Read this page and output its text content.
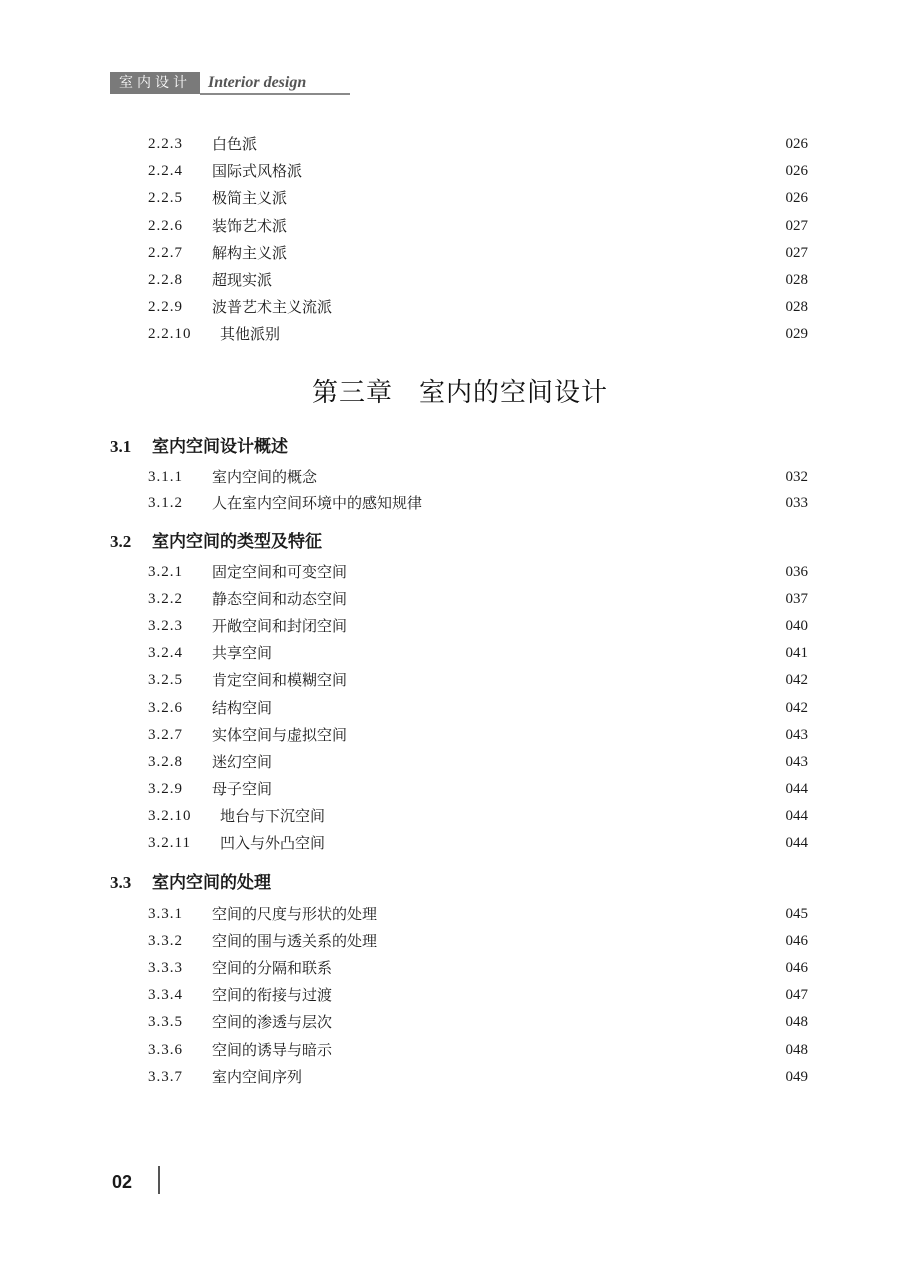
室内设计	Interior design
2.2.3	白色派	026
2.2.4	国际式风格派	026
2.2.5	极简主义派	026
2.2.6	装饰艺术派	027
2.2.7	解构主义派	027
2.2.8	超现实派	028
2.2.9	波普艺术主义流派	028
2.2.10	其他派别	029
3.1 室内空间设计概述
3.1.1	室内空间的概念	032
3.1.2	人在室内空间环境中的感知规律	033
3.2 室内空间的类型及特征
3.2.1	固定空间和可变空间	036
3.2.2	静态空间和动态空间	037
3.2.3	开敞空间和封闭空间	040
3.2.4	共享空间	041
3.2.5	肯定空间和模糊空间	042
3.2.6	结构空间	042
3.2.7	实体空间与虚拟空间	043
3.2.8	迷幻空间	043
3.2.9	母子空间	044
3.2.10	地台与下沉空间	044
3.2.11	凹入与外凸空间	044
3.3 室内空间的处理
3.3.1	空间的尺度与形状的处理	045
3.3.2	空间的围与透关系的处理	046
3.3.3	空间的分隔和联系	046
3.3.4	空间的衔接与过渡	047
3.3.5	空间的渗透与层次	048
3.3.6	空间的诱导与暗示	048
3.3.7	室内空间序列	049
第三章 室内的空间设计
02
